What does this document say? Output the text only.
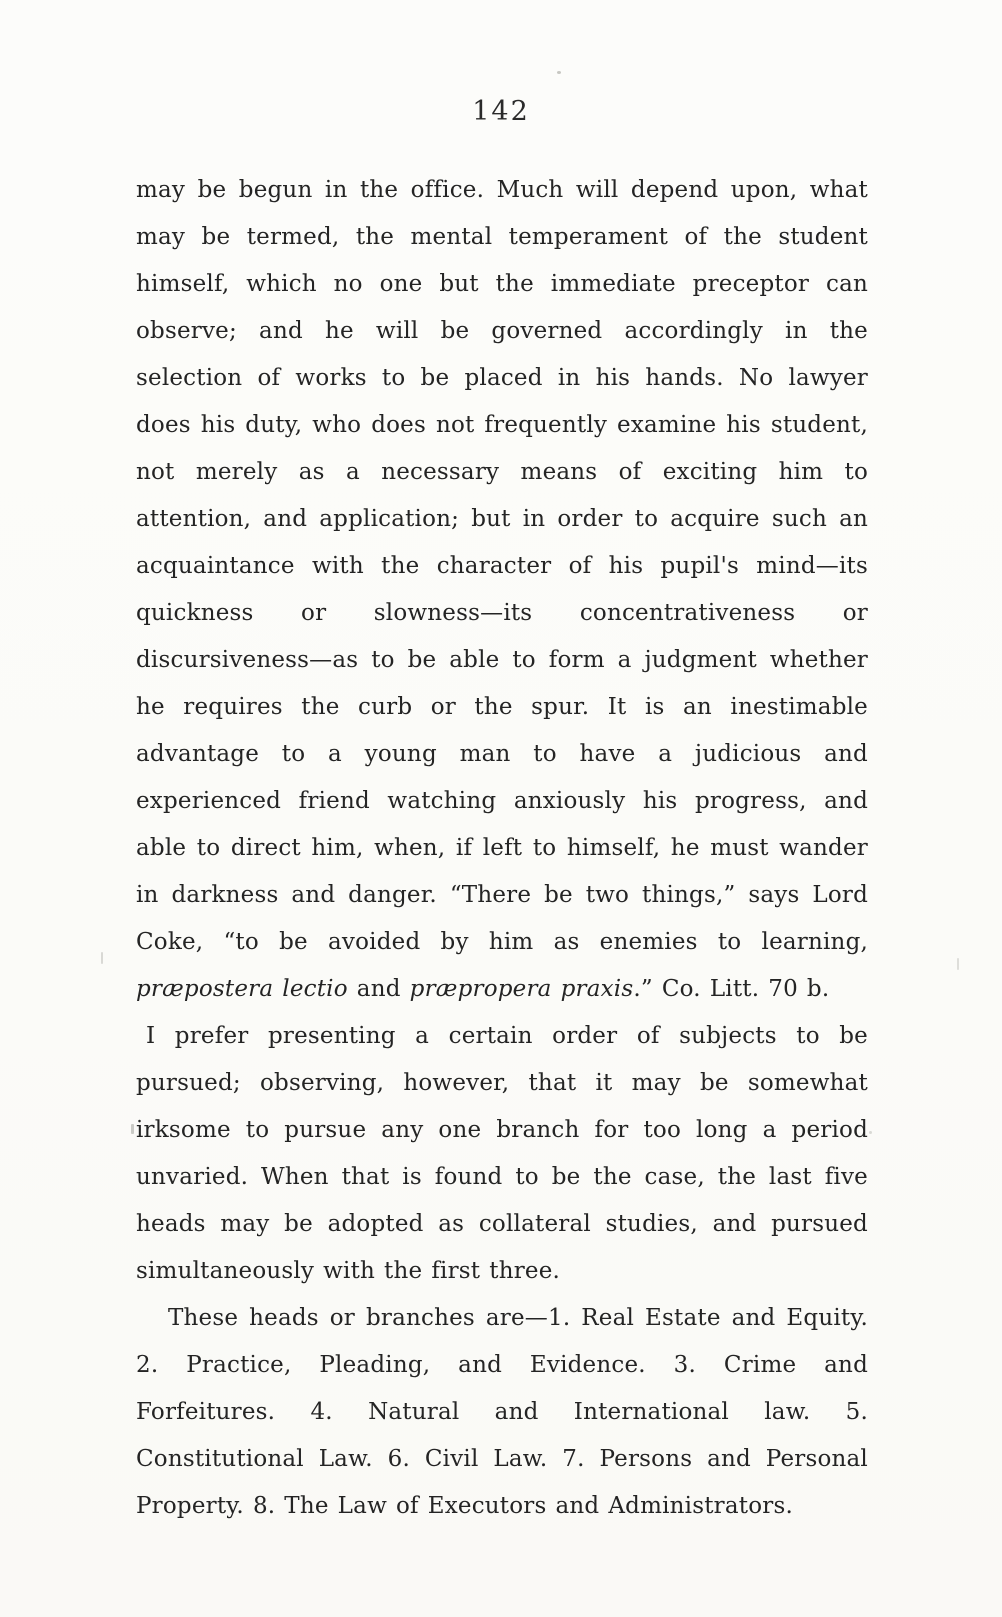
142

may be begun in the office. Much will depend upon, what may be termed, the mental temperament of the student himself, which no one but the immediate preceptor can observe; and he will be governed accordingly in the selection of works to be placed in his hands. No lawyer does his duty, who does not frequently examine his student, not merely as a necessary means of exciting him to attention, and application; but in order to acquire such an acquaintance with the character of his pupil's mind—its quickness or slowness—its concentrativeness or discursiveness—as to be able to form a judgment whether he requires the curb or the spur. It is an inestimable advantage to a young man to have a judicious and experienced friend watching anxiously his progress, and able to direct him, when, if left to himself, he must wander in darkness and danger. “There be two things,” says Lord Coke, “to be avoided by him as enemies to learning, præpostera lectio and præpropera praxis.” Co. Litt. 70 b.

I prefer presenting a certain order of subjects to be pursued; observing, however, that it may be somewhat irksome to pursue any one branch for too long a period unvaried. When that is found to be the case, the last five heads may be adopted as collateral studies, and pursued simultaneously with the first three.

These heads or branches are—1. Real Estate and Equity. 2. Practice, Pleading, and Evidence. 3. Crime and Forfeitures. 4. Natural and International law. 5. Constitutional Law. 6. Civil Law. 7. Persons and Personal Property. 8. The Law of Executors and Administrators.
